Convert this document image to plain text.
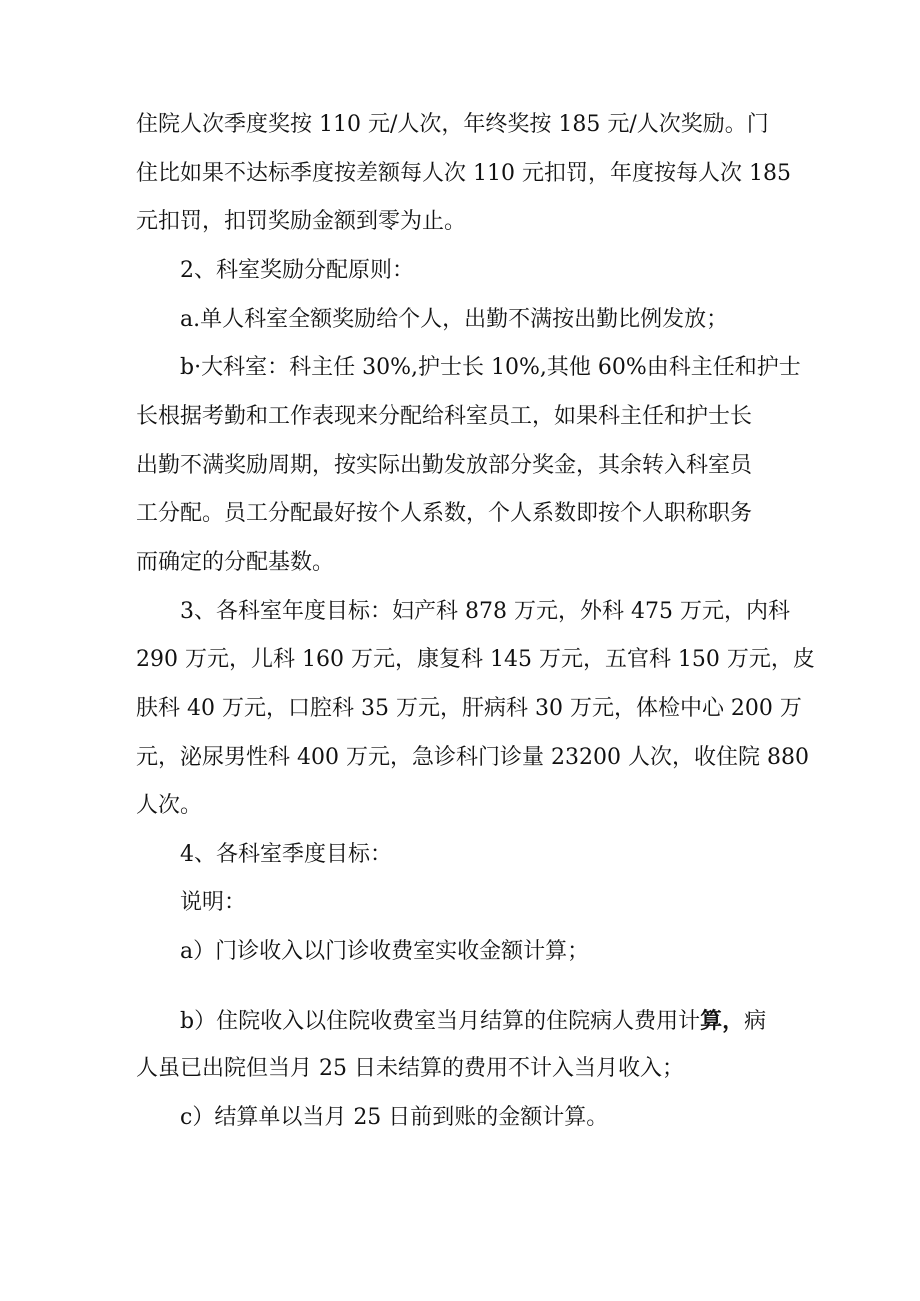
住院人次季度奖按 110 元/人次，年终奖按 185 元/人次奖励。门
住比如果不达标季度按差额每人次 110 元扣罚，年度按每人次 185
元扣罚，扣罚奖励金额到零为止。
2、科室奖励分配原则：
a.单人科室全额奖励给个人，出勤不满按出勤比例发放；
b·大科室：科主任 30%,护士长 10%,其他 60%由科主任和护士
长根据考勤和工作表现来分配给科室员工，如果科主任和护士长
出勤不满奖励周期，按实际出勤发放部分奖金，其余转入科室员
工分配。员工分配最好按个人系数，个人系数即按个人职称职务
而确定的分配基数。
3、各科室年度目标：妇产科 878 万元，外科 475 万元，内科
290 万元，儿科 160 万元，康复科 145 万元，五官科 150 万元，皮
肤科 40 万元，口腔科 35 万元，肝病科 30 万元，体检中心 200 万
元，泌尿男性科 400 万元，急诊科门诊量 23200 人次，收住院 880
人次。
4、各科室季度目标：
说明：
a）门诊收入以门诊收费室实收金额计算；
b）住院收入以住院收费室当月结算的住院病人费用计算，病
人虽已出院但当月 25 日未结算的费用不计入当月收入；
c）结算单以当月 25 日前到账的金额计算。
